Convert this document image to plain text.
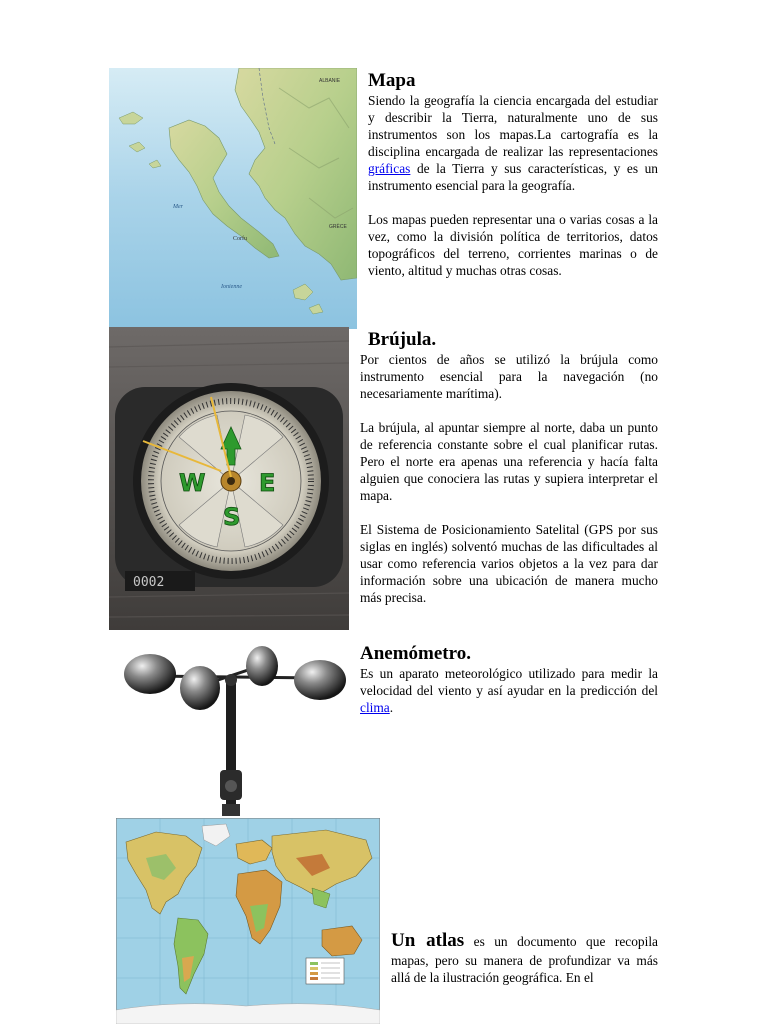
Corfu
Mer
Ionienne
ALBANIE
GRÈCE
Mapa

Siendo la geografía la ciencia encargada del estudiar y describir la Tierra, naturalmente uno de sus instrumentos son los mapas.La cartografía es la disciplina encargada de realizar las representaciones gráficas de la Tierra y sus características, y es un instrumento esencial para la geografía.

Los mapas pueden representar una o varias cosas a la vez, como la división política de territorios, datos topográficos del terreno, corrientes marinas o de viento, altitud y muchas otras cosas.

W E
S
0002
Brújula.

Por cientos de años se utilizó la brújula como instrumento esencial para la navegación (no necesariamente marítima).

La brújula, al apuntar siempre al norte, daba un punto de referencia constante sobre el cual planificar rutas. Pero el norte era apenas una referencia y hacía falta alguien que conociera las rutas y supiera interpretar el mapa.

El Sistema de Posicionamiento Satelital (GPS por sus siglas en inglés) solventó muchas de las dificultades al usar como referencia varios objetos a la vez para dar información sobre una ubicación de manera mucho más precisa.

Anemómetro.

Es un aparato meteorológico utilizado para medir la velocidad del viento y así ayudar en la predicción del clima.

Un atlas es un documento que recopila mapas, pero su manera de profundizar va más allá de la ilustración geográfica. En el
